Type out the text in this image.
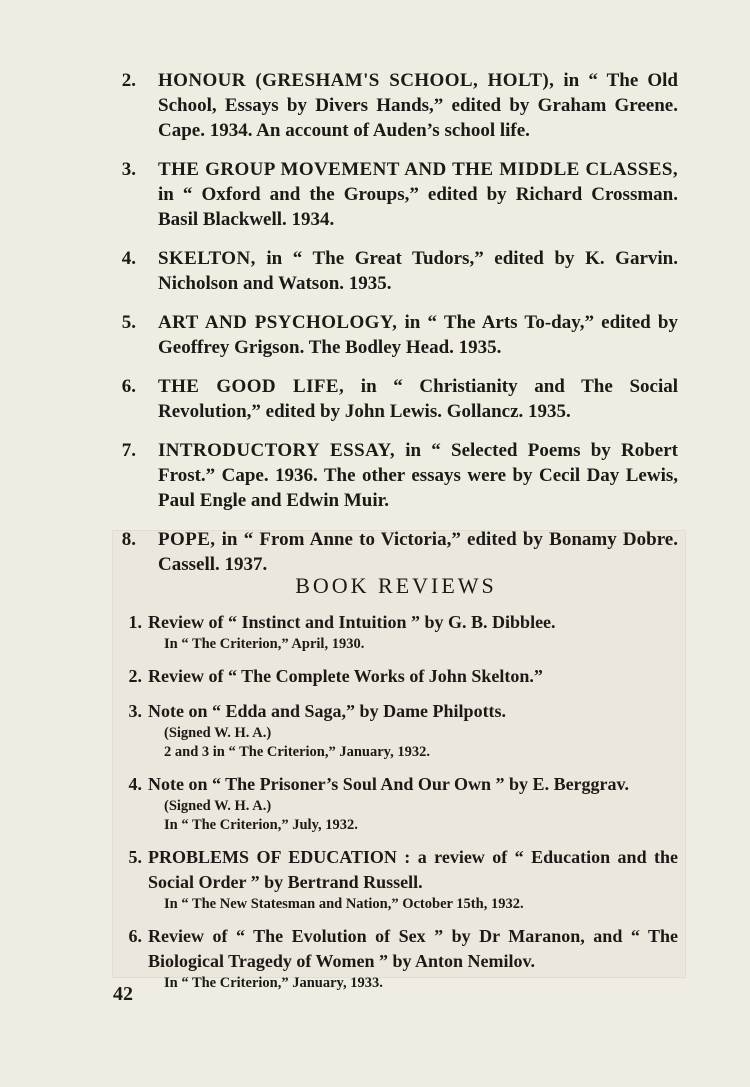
2. HONOUR (GRESHAM'S SCHOOL, HOLT), in “ The Old School, Essays by Divers Hands,” edited by Graham Greene. Cape. 1934. An account of Auden’s school life.
3. THE GROUP MOVEMENT AND THE MIDDLE CLASSES, in “ Oxford and the Groups,” edited by Richard Crossman. Basil Blackwell. 1934.
4. SKELTON, in “ The Great Tudors,” edited by K. Garvin. Nicholson and Watson. 1935.
5. ART AND PSYCHOLOGY, in “ The Arts To-day,” edited by Geoffrey Grigson. The Bodley Head. 1935.
6. THE GOOD LIFE, in “ Christianity and The Social Revolution,” edited by John Lewis. Gollancz. 1935.
7. INTRODUCTORY ESSAY, in “ Selected Poems by Robert Frost.” Cape. 1936. The other essays were by Cecil Day Lewis, Paul Engle and Edwin Muir.
8. POPE, in “ From Anne to Victoria,” edited by Bonamy Dobre. Cassell. 1937.
BOOK REVIEWS
1. Review of “ Instinct and Intuition ” by G. B. Dibblee.
In “ The Criterion,” April, 1930.
2. Review of “ The Complete Works of John Skelton.”
3. Note on “ Edda and Saga,” by Dame Philpotts.
(Signed W. H. A.)
2 and 3 in “ The Criterion,” January, 1932.
4. Note on “ The Prisoner’s Soul And Our Own ” by E. Berggrav.
(Signed W. H. A.)
In “ The Criterion,” July, 1932.
5. PROBLEMS OF EDUCATION : a review of “ Education and the Social Order ” by Bertrand Russell.
In “ The New Statesman and Nation,” October 15th, 1932.
6. Review of “ The Evolution of Sex ” by Dr Maranon, and “ The Biological Tragedy of Women ” by Anton Nemilov.
In “ The Criterion,” January, 1933.
42
